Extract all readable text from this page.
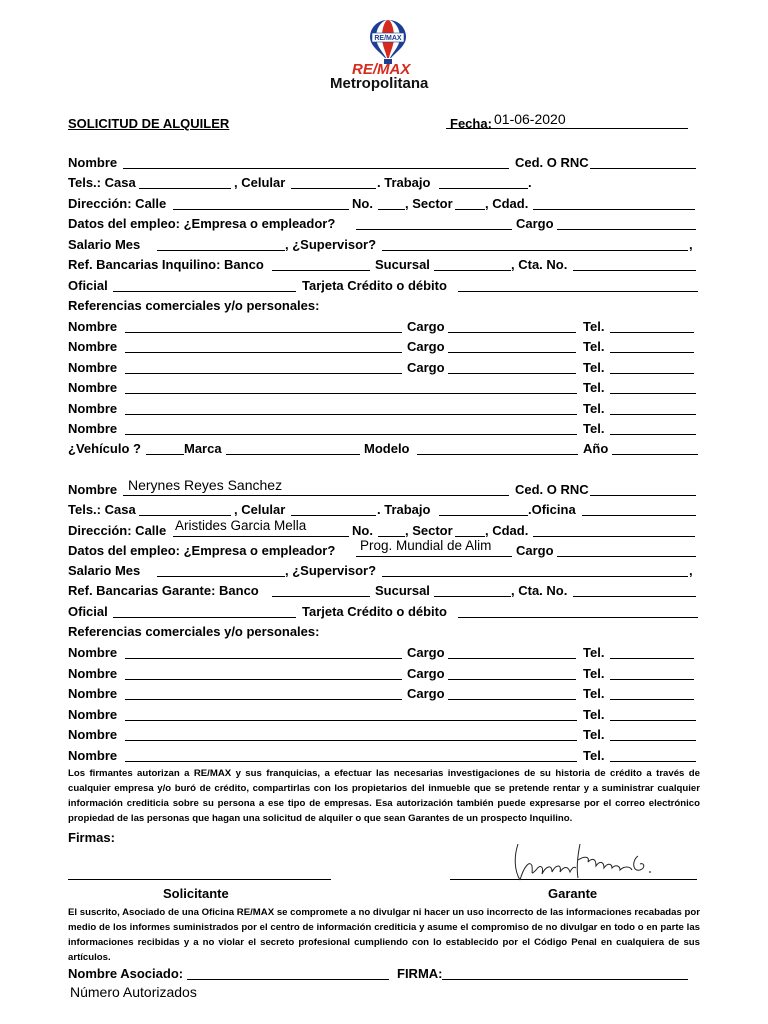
RE/MAX
RE/MAX
Metropolitana
SOLICITUD DE ALQUILER	Fecha: 01-06-2020
Nombre	Ced. O RNC
Tels.: Casa	, Celular	. Trabajo	.
Dirección: Calle	No. , Sector , Cdad.
Datos del empleo: ¿Empresa o empleador?	Cargo
Salario Mes	, ¿Supervisor?	,
Ref. Bancarias Inquilino: Banco	Sucursal	, Cta. No.
Oficial	Tarjeta Crédito o débito
Referencias comerciales y/o personales:
Nombre	Cargo	Tel.
Nombre	Cargo	Tel.
Nombre	Cargo	Tel.
Nombre	Tel.
Nombre	Tel.
Nombre	Tel.
¿Vehículo ?	Marca	Modelo	Año
Nombre Nerynes Reyes Sanchez	Ced. O RNC
Tels.: Casa	, Celular	. Trabajo	.Oficina
Dirección: Calle Aristides Garcia Mella	No. , Sector , Cdad.
Datos del empleo: ¿Empresa o empleador? Prog. Mundial de Alim Cargo
Salario Mes	, ¿Supervisor?	,
Ref. Bancarias Garante: Banco	Sucursal	, Cta. No.
Oficial	Tarjeta Crédito o débito
Referencias comerciales y/o personales:
Nombre	Cargo	Tel.
Nombre	Cargo	Tel.
Nombre	Cargo	Tel.
Nombre	Tel.
Nombre	Tel.
Nombre	Tel.
Los firmantes autorizan a RE/MAX y sus franquicias, a efectuar las necesarias investigaciones de su historia de crédito a través de cualquier empresa y/o buró de crédito, compartirlas con los propietarios del inmueble que se pretende rentar y a suministrar cualquier información crediticia sobre su persona a ese tipo de empresas. Esa autorización también puede expresarse por el correo electrónico propiedad de las personas que hagan una solicitud de alquiler o que sean Garantes de un prospecto Inquilino.
Firmas:
Solicitante	Garante
El suscrito, Asociado de una Oficina RE/MAX se compromete a no divulgar ni hacer un uso incorrecto de las informaciones recabadas por medio de los informes suministrados por el centro de información crediticia y asume el compromiso de no divulgar en todo o en parte las informaciones recibidas y a no violar el secreto profesional cumpliendo con lo establecido por el Código Penal en cualquiera de sus artículos.
Nombre Asociado:	FIRMA:
Número Autorizados
